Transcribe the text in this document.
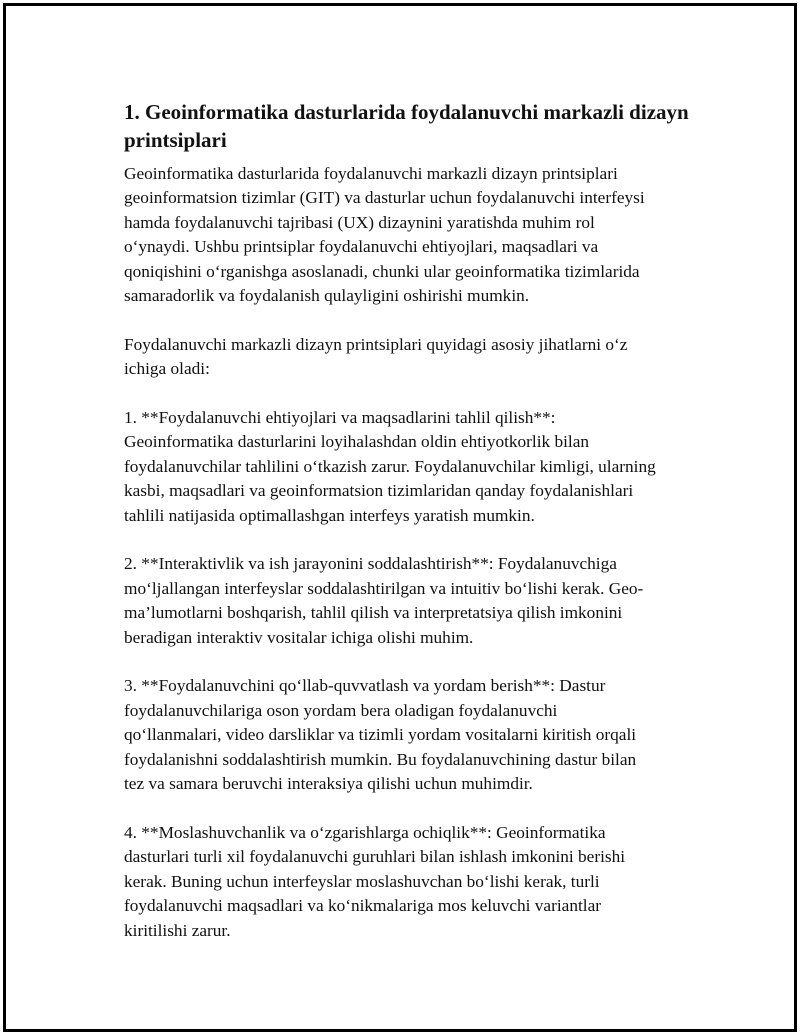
1. Geoinformatika dasturlarida foydalanuvchi markazli dizayn
printsiplari

Geoinformatika dasturlarida foydalanuvchi markazli dizayn printsiplari
geoinformatsion tizimlar (GIT) va dasturlar uchun foydalanuvchi interfeysi
hamda foydalanuvchi tajribasi (UX) dizaynini yaratishda muhim rol
o‘ynaydi. Ushbu printsiplar foydalanuvchi ehtiyojlari, maqsadlari va
qoniqishini o‘rganishga asoslanadi, chunki ular geoinformatika tizimlarida
samaradorlik va foydalanish qulayligini oshirishi mumkin.

Foydalanuvchi markazli dizayn printsiplari quyidagi asosiy jihatlarni o‘z
ichiga oladi:

1. **Foydalanuvchi ehtiyojlari va maqsadlarini tahlil qilish**:
Geoinformatika dasturlarini loyihalashdan oldin ehtiyotkorlik bilan
foydalanuvchilar tahlilini o‘tkazish zarur. Foydalanuvchilar kimligi, ularning
kasbi, maqsadlari va geoinformatsion tizimlaridan qanday foydalanishlari
tahlili natijasida optimallashgan interfeys yaratish mumkin.

2. **Interaktivlik va ish jarayonini soddalashtirish**: Foydalanuvchiga
mo‘ljallangan interfeyslar soddalashtirilgan va intuitiv bo‘lishi kerak. Geo-
ma’lumotlarni boshqarish, tahlil qilish va interpretatsiya qilish imkonini
beradigan interaktiv vositalar ichiga olishi muhim.

3. **Foydalanuvchini qo‘llab-quvvatlash va yordam berish**: Dastur
foydalanuvchilariga oson yordam bera oladigan foydalanuvchi
qo‘llanmalari, video darsliklar va tizimli yordam vositalarni kiritish orqali
foydalanishni soddalashtirish mumkin. Bu foydalanuvchining dastur bilan
tez va samara beruvchi interaksiya qilishi uchun muhimdir.

4. **Moslashuvchanlik va o‘zgarishlarga ochiqlik**: Geoinformatika
dasturlari turli xil foydalanuvchi guruhlari bilan ishlash imkonini berishi
kerak. Buning uchun interfeyslar moslashuvchan bo‘lishi kerak, turli
foydalanuvchi maqsadlari va ko‘nikmalariga mos keluvchi variantlar
kiritilishi zarur.
